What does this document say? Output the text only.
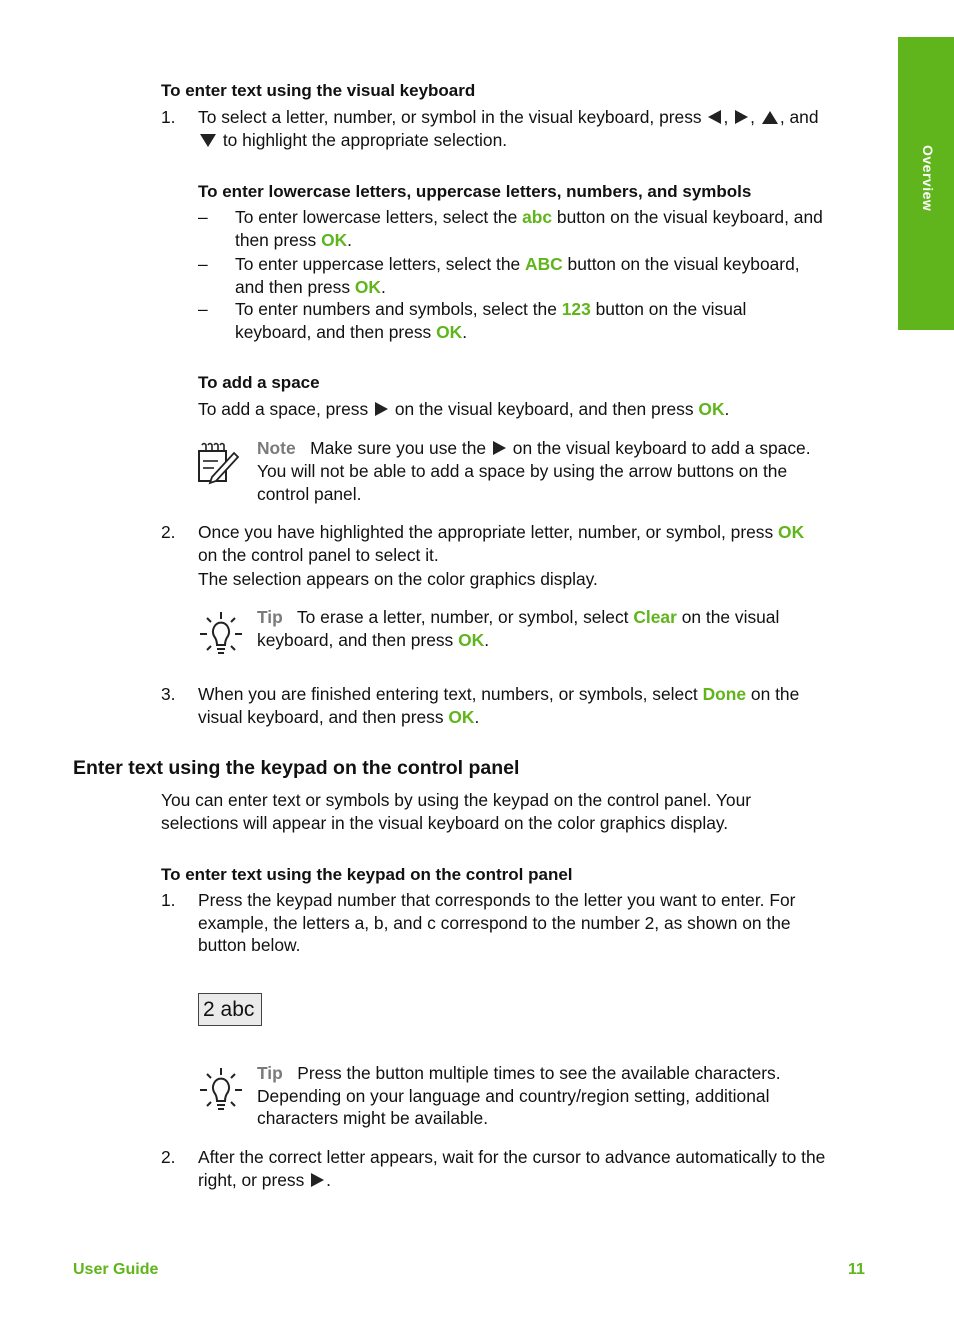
Overview
To enter text using the visual keyboard
1. To select a letter, number, or symbol in the visual keyboard, press , , , and
to highlight the appropriate selection.
To enter lowercase letters, uppercase letters, numbers, and symbols
– To enter lowercase letters, select the abc button on the visual keyboard, and
then press OK.
– To enter uppercase letters, select the ABC button on the visual keyboard,
and then press OK.
– To enter numbers and symbols, select the 123 button on the visual
keyboard, and then press OK.
To add a space
To add a space, press on the visual keyboard, and then press OK.
Note Make sure you use the on the visual keyboard to add a space.
You will not be able to add a space by using the arrow buttons on the
control panel.
2. Once you have highlighted the appropriate letter, number, or symbol, press OK
on the control panel to select it.
The selection appears on the color graphics display.
Tip To erase a letter, number, or symbol, select Clear on the visual
keyboard, and then press OK.
3. When you are finished entering text, numbers, or symbols, select Done on the
visual keyboard, and then press OK.
Enter text using the keypad on the control panel
You can enter text or symbols by using the keypad on the control panel. Your
selections will appear in the visual keyboard on the color graphics display.
To enter text using the keypad on the control panel
1. Press the keypad number that corresponds to the letter you want to enter. For
example, the letters a, b, and c correspond to the number 2, as shown on the
button below.
2 abc
Tip Press the button multiple times to see the available characters.
Depending on your language and country/region setting, additional
characters might be available.
2. After the correct letter appears, wait for the cursor to advance automatically to the
right, or press .
User Guide	11
